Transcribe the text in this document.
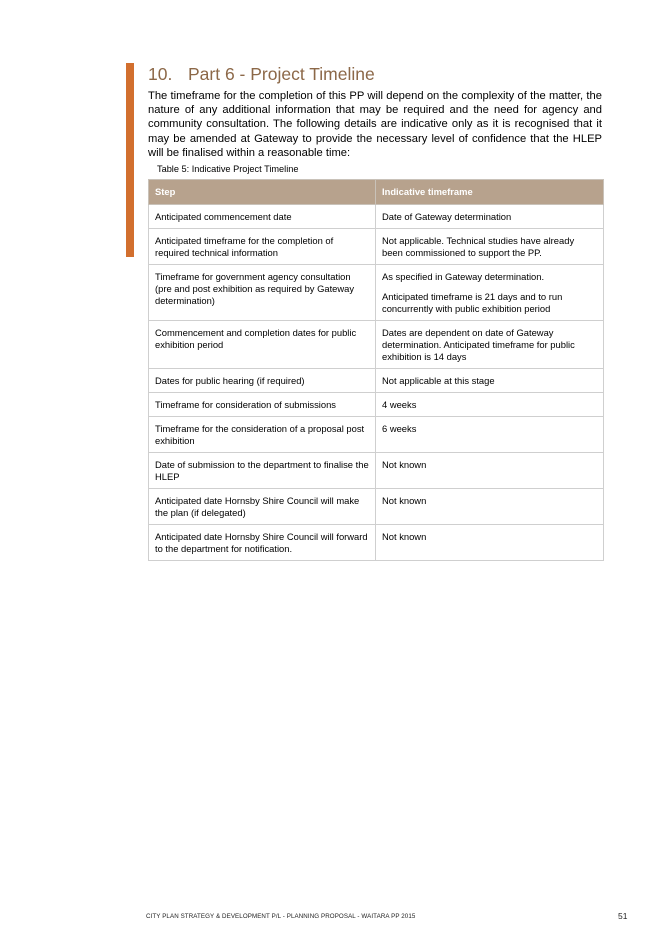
10. Part 6 - Project Timeline

The timeframe for the completion of this PP will depend on the complexity of the matter, the nature of any additional information that may be required and the need for agency and community consultation. The following details are indicative only as it is recognised that it may be amended at Gateway to provide the necessary level of confidence that the HLEP will be finalised within a reasonable time:

Table 5: Indicative Project Timeline

Step	Indicative timeframe
Anticipated commencement date	Date of Gateway determination
Anticipated timeframe for the completion of required technical information	Not applicable. Technical studies have already been commissioned to support the PP.
Timeframe for government agency consultation (pre and post exhibition as required by Gateway determination)	As specified in Gateway determination.

Anticipated timeframe is 21 days and to run concurrently with public exhibition period

Commencement and completion dates for public exhibition period	Dates are dependent on date of Gateway determination. Anticipated timeframe for public exhibition is 14 days
Dates for public hearing (if required)	Not applicable at this stage
Timeframe for consideration of submissions	4 weeks
Timeframe for the consideration of a proposal post exhibition	6 weeks
Date of submission to the department to finalise the HLEP	Not known
Anticipated date Hornsby Shire Council will make the plan (if delegated)	Not known
Anticipated date Hornsby Shire Council will forward to the department for notification.	Not known

CITY PLAN STRATEGY & DEVELOPMENT P/L - PLANNING PROPOSAL - WAITARA PP 2015	51
